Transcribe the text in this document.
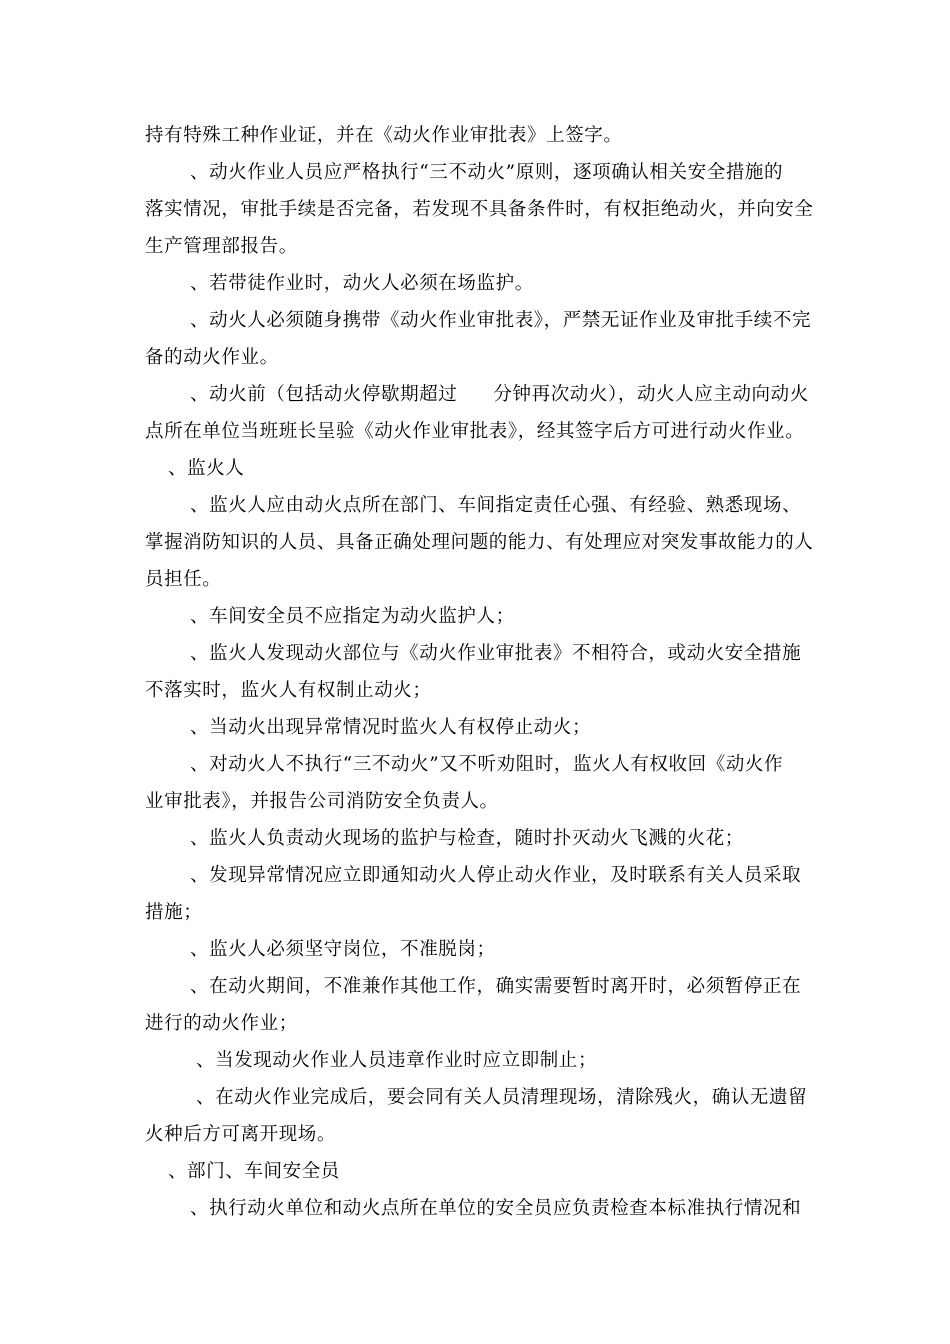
持有特殊工种作业证，并在《动火作业审批表》上签字。
、动火作业人员应严格执行“三不动火”原则，逐项确认相关安全措施的
落实情况，审批手续是否完备，若发现不具备条件时，有权拒绝动火，并向安全
生产管理部报告。
、若带徒作业时，动火人必须在场监护。
、动火人必须随身携带《动火作业审批表》，严禁无证作业及审批手续不完
备的动火作业。
、动火前（包括动火停歇期超过 分钟再次动火），动火人应主动向动火
点所在单位当班班长呈验《动火作业审批表》，经其签字后方可进行动火作业。
、监火人
、监火人应由动火点所在部门、车间指定责任心强、有经验、熟悉现场、
掌握消防知识的人员、具备正确处理问题的能力、有处理应对突发事故能力的人
员担任。
、车间安全员不应指定为动火监护人；
、监火人发现动火部位与《动火作业审批表》不相符合，或动火安全措施
不落实时，监火人有权制止动火；
、当动火出现异常情况时监火人有权停止动火；
、对动火人不执行“三不动火”又不听劝阻时，监火人有权收回《动火作
业审批表》，并报告公司消防安全负责人。
、监火人负责动火现场的监护与检查，随时扑灭动火飞溅的火花；
、发现异常情况应立即通知动火人停止动火作业，及时联系有关人员采取
措施；
、监火人必须坚守岗位，不准脱岗；
、在动火期间，不准兼作其他工作，确实需要暂时离开时，必须暂停正在
进行的动火作业；
、当发现动火作业人员违章作业时应立即制止；
、在动火作业完成后，要会同有关人员清理现场，清除残火，确认无遗留
火种后方可离开现场。
、部门、车间安全员
、执行动火单位和动火点所在单位的安全员应负责检查本标准执行情况和
